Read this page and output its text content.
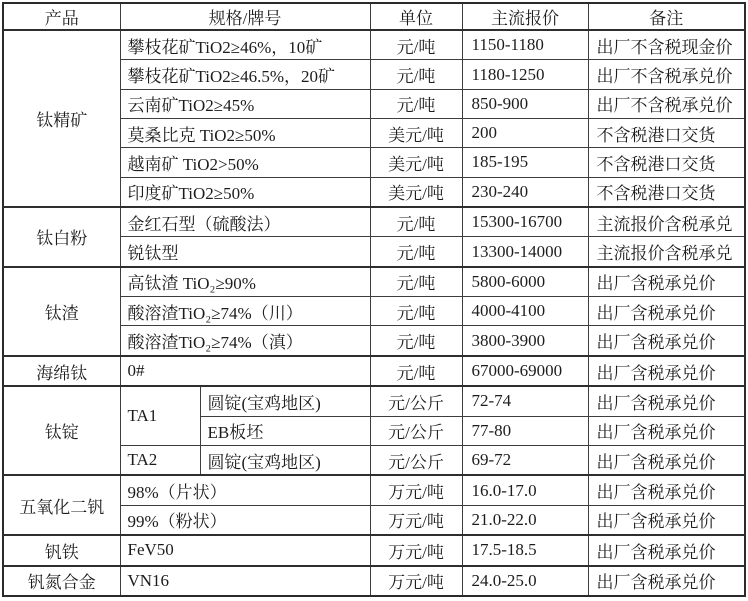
产品	规格/牌号		单位	主流报价	备注
钛精矿	攀枝花矿TiO2≥46%，10矿		元/吨	1150-1180	出厂不含税现金价
	攀枝花矿TiO2≥46.5%，20矿		元/吨	1180-1250	出厂不含税承兑价
	云南矿TiO2≥45%		元/吨	850-900	出厂不含税承兑价
	莫桑比克 TiO2≥50%		美元/吨	200	不含税港口交货
	越南矿 TiO2>50%		美元/吨	185-195	不含税港口交货
	印度矿TiO2≥50%		美元/吨	230-240	不含税港口交货
钛白粉	金红石型（硫酸法）		元/吨	15300-16700	主流报价含税承兑
	锐钛型		元/吨	13300-14000	主流报价含税承兑
钛渣	高钛渣 TiO₂≥90%		元/吨	5800-6000	出厂含税承兑价
	酸溶渣TiO₂≥74%（川）		元/吨	4000-4100	出厂含税承兑价
	酸溶渣TiO₂≥74%（滇）		元/吨	3800-3900	出厂含税承兑价
海绵钛	0#		元/吨	67000-69000	出厂含税承兑价
钛锭	TA1	圆锭(宝鸡地区)	元/公斤	72-74	出厂含税承兑价
		EB板坯	元/公斤	77-80	出厂含税承兑价
	TA2	圆锭(宝鸡地区)	元/公斤	69-72	出厂含税承兑价
五氧化二钒	98%（片状）		万元/吨	16.0-17.0	出厂含税承兑价
	99%（粉状）		万元/吨	21.0-22.0	出厂含税承兑价
钒铁	FeV50		万元/吨	17.5-18.5	出厂含税承兑价
钒氮合金	VN16		万元/吨	24.0-25.0	出厂含税承兑价
